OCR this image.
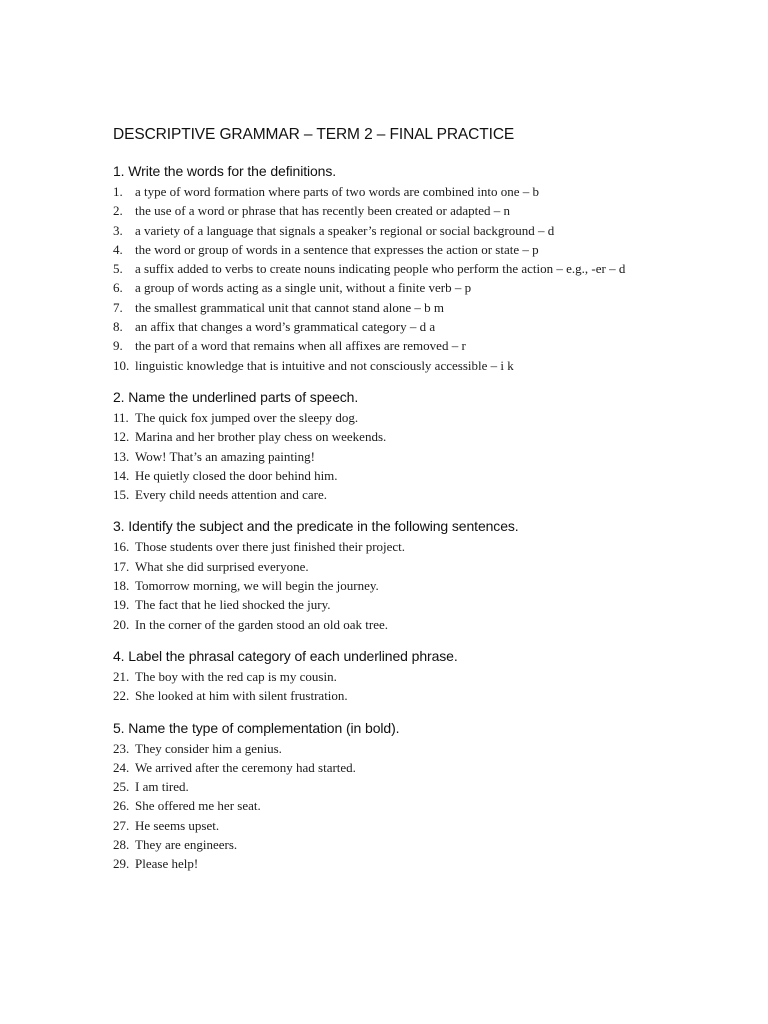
DESCRIPTIVE GRAMMAR – TERM 2 – FINAL PRACTICE
1. Write the words for the definitions.
1. a type of word formation where parts of two words are combined into one – b
2. the use of a word or phrase that has recently been created or adapted – n
3. a variety of a language that signals a speaker’s regional or social background – d
4. the word or group of words in a sentence that expresses the action or state – p
5. a suffix added to verbs to create nouns indicating people who perform the action – e.g., -er – d
6. a group of words acting as a single unit, without a finite verb – p
7. the smallest grammatical unit that cannot stand alone – b m
8. an affix that changes a word’s grammatical category – d a
9. the part of a word that remains when all affixes are removed – r
10. linguistic knowledge that is intuitive and not consciously accessible – i k
2. Name the underlined parts of speech.
11. The quick fox jumped over the sleepy dog.
12. Marina and her brother play chess on weekends.
13. Wow! That’s an amazing painting!
14. He quietly closed the door behind him.
15. Every child needs attention and care.
3. Identify the subject and the predicate in the following sentences.
16. Those students over there just finished their project.
17. What she did surprised everyone.
18. Tomorrow morning, we will begin the journey.
19. The fact that he lied shocked the jury.
20. In the corner of the garden stood an old oak tree.
4. Label the phrasal category of each underlined phrase.
21. The boy with the red cap is my cousin.
22. She looked at him with silent frustration.
5. Name the type of complementation (in bold).
23. They consider him a genius.
24. We arrived after the ceremony had started.
25. I am tired.
26. She offered me her seat.
27. He seems upset.
28. They are engineers.
29. Please help!
